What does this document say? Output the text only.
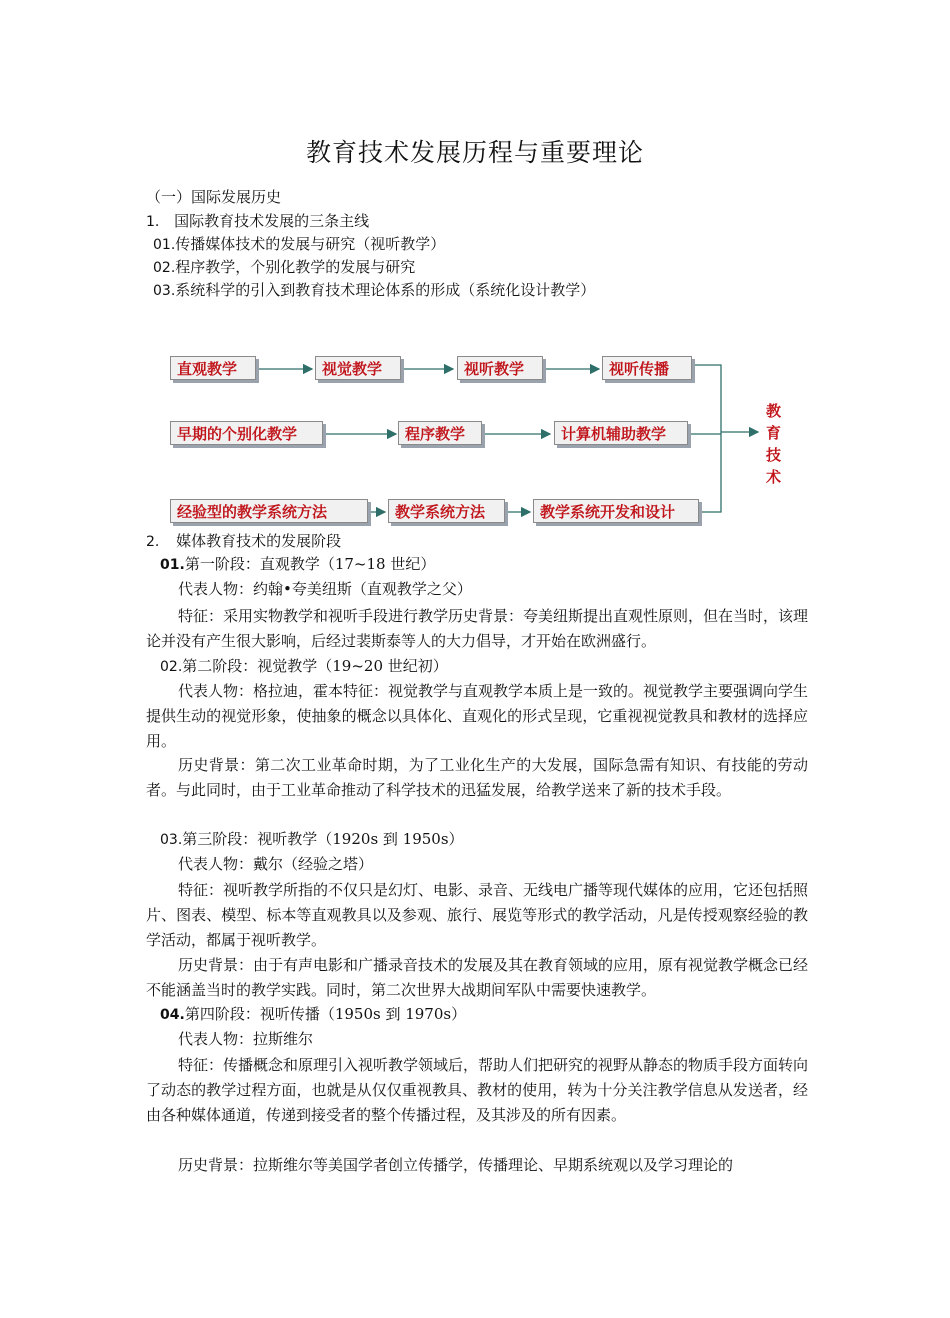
教育技术发展历程与重要理论
（一）国际发展历史
1. 国际教育技术发展的三条主线
01.传播媒体技术的发展与研究（视听教学）
02.程序教学，个别化教学的发展与研究
03.系统科学的引入到教育技术理论体系的形成（系统化设计教学）
直观教学	视觉教学	视听教学	视听传播
早期的个别化教学	程序教学	计算机辅助教学
经验型的教学系统方法	教学系统方法	教学系统开发和设计
教育技术
2. 媒体教育技术的发展阶段
01.第一阶段：直观教学（17~18 世纪）
代表人物：约翰•夸美纽斯（直观教学之父）
特征：采用实物教学和视听手段进行教学历史背景：夸美纽斯提出直观性原则，但在当时，该理论并没有产生很大影响，后经过裴斯泰等人的大力倡导，才开始在欧洲盛行。
02.第二阶段：视觉教学（19~20 世纪初）
代表人物：格拉迪，霍本特征：视觉教学与直观教学本质上是一致的。视觉教学主要强调向学生提供生动的视觉形象，使抽象的概念以具体化、直观化的形式呈现，它重视视觉教具和教材的选择应用。
历史背景：第二次工业革命时期，为了工业化生产的大发展，国际急需有知识、有技能的劳动者。与此同时，由于工业革命推动了科学技术的迅猛发展，给教学送来了新的技术手段。
03.第三阶段：视听教学（1920s 到 1950s）
代表人物：戴尔（经验之塔）
特征：视听教学所指的不仅只是幻灯、电影、录音、无线电广播等现代媒体的应用，它还包括照片、图表、模型、标本等直观教具以及参观、旅行、展览等形式的教学活动，凡是传授观察经验的教学活动，都属于视听教学。
历史背景：由于有声电影和广播录音技术的发展及其在教育领域的应用，原有视觉教学概念已经不能涵盖当时的教学实践。同时，第二次世界大战期间军队中需要快速教学。
04.第四阶段：视听传播（1950s 到 1970s）
代表人物：拉斯维尔
特征：传播概念和原理引入视听教学领域后，帮助人们把研究的视野从静态的物质手段方面转向了动态的教学过程方面，也就是从仅仅重视教具、教材的使用，转为十分关注教学信息从发送者，经由各种媒体通道，传递到接受者的整个传播过程，及其涉及的所有因素。
历史背景：拉斯维尔等美国学者创立传播学，传播理论、早期系统观以及学习理论的
